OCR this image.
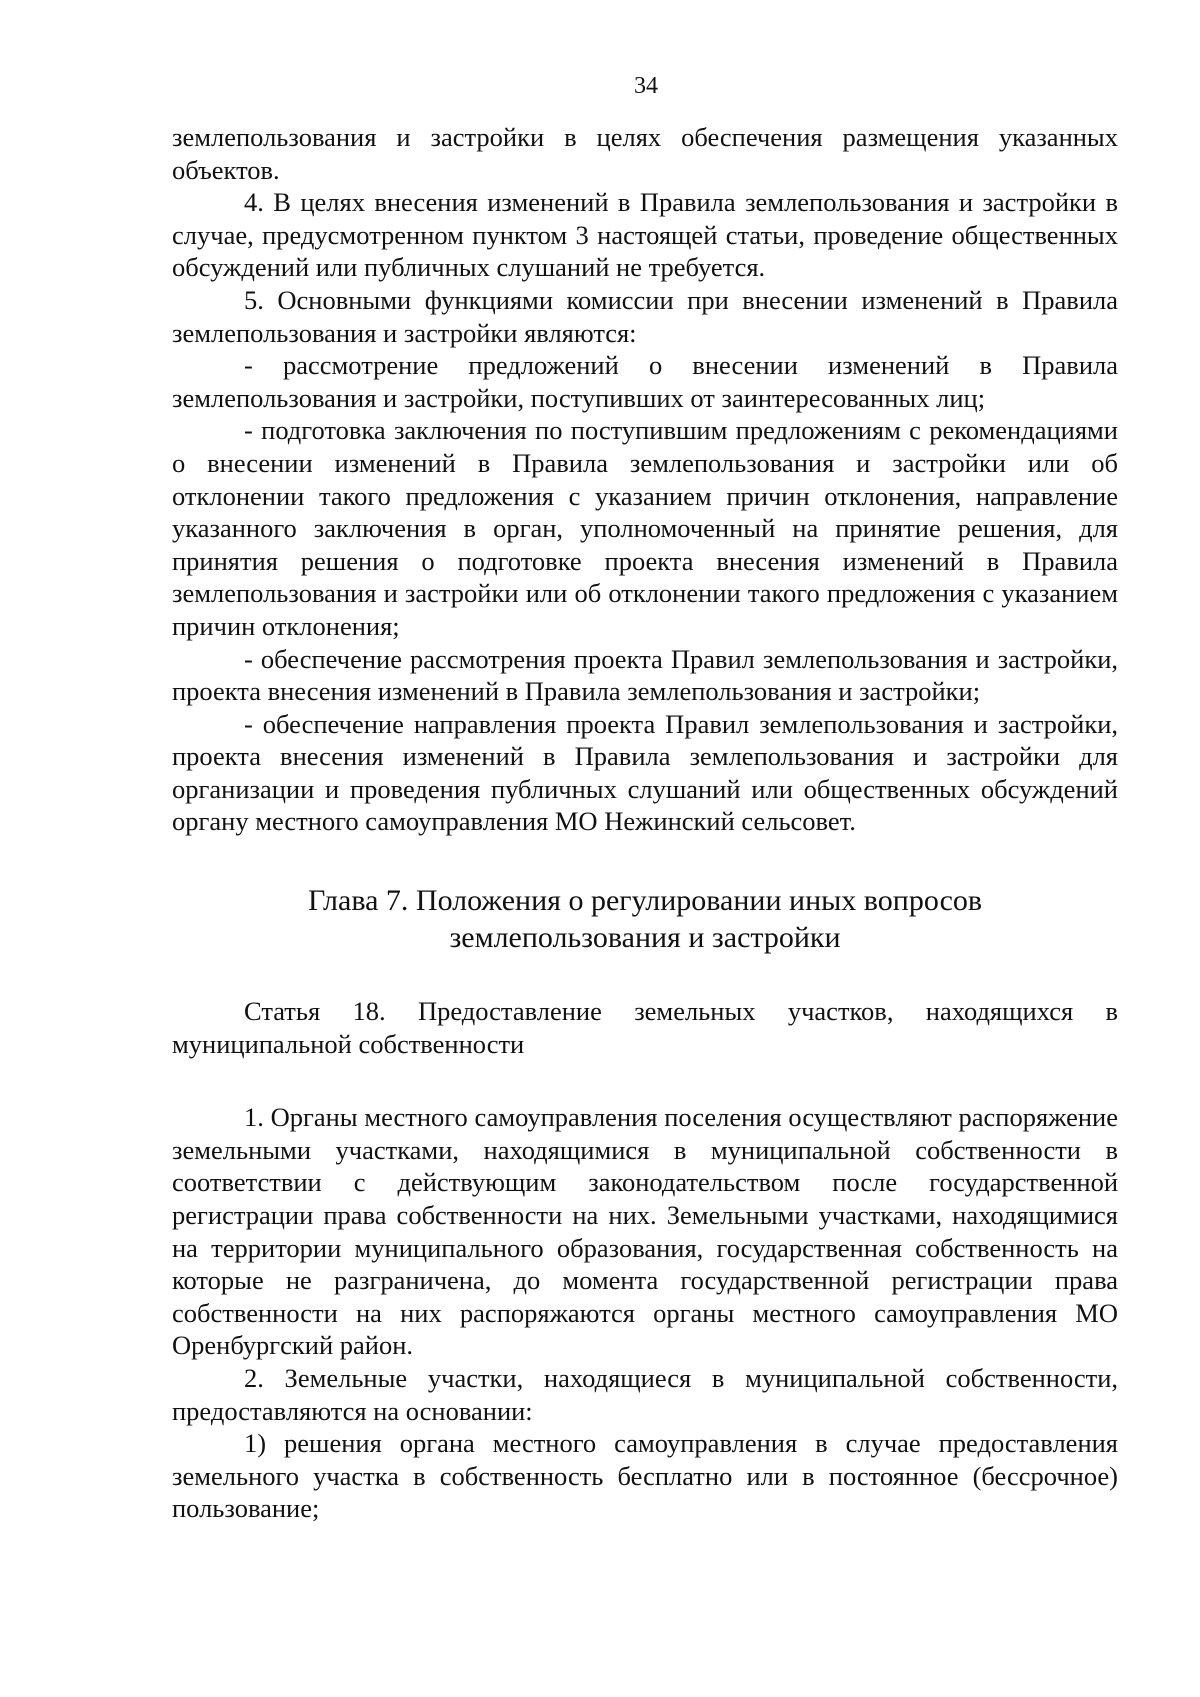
34

землепользования и застройки в целях обеспечения размещения указанных объектов.

4. В целях внесения изменений в Правила землепользования и застройки в случае, предусмотренном пунктом 3 настоящей статьи, проведение общественных обсуждений или публичных слушаний не требуется.

5. Основными функциями комиссии при внесении изменений в Правила землепользования и застройки являются:

- рассмотрение предложений о внесении изменений в Правила землепользования и застройки, поступивших от заинтересованных лиц;

- подготовка заключения по поступившим предложениям с рекомендациями о внесении изменений в Правила землепользования и застройки или об отклонении такого предложения с указанием причин отклонения, направление указанного заключения в орган, уполномоченный на принятие решения, для принятия решения о подготовке проекта внесения изменений в Правила землепользования и застройки или об отклонении такого предложения с указанием причин отклонения;

- обеспечение рассмотрения проекта Правил землепользования и застройки, проекта внесения изменений в Правила землепользования и застройки;

- обеспечение направления проекта Правил землепользования и застройки, проекта внесения изменений в Правила землепользования и застройки для организации и проведения публичных слушаний или общественных обсуждений органу местного самоуправления МО Нежинский сельсовет.

Глава 7. Положения о регулировании иных вопросов
землепользования и застройки

Статья 18. Предоставление земельных участков, находящихся в муниципальной собственности

1. Органы местного самоуправления поселения осуществляют распоряжение земельными участками, находящимися в муниципальной собственности в соответствии с действующим законодательством после государственной регистрации права собственности на них. Земельными участками, находящимися на территории муниципального образования, государственная собственность на которые не разграничена, до момента государственной регистрации права собственности на них распоряжаются органы местного самоуправления МО Оренбургский район.

2. Земельные участки, находящиеся в муниципальной собственности, предоставляются на основании:

1) решения органа местного самоуправления в случае предоставления земельного участка в собственность бесплатно или в постоянное (бессрочное) пользование;
